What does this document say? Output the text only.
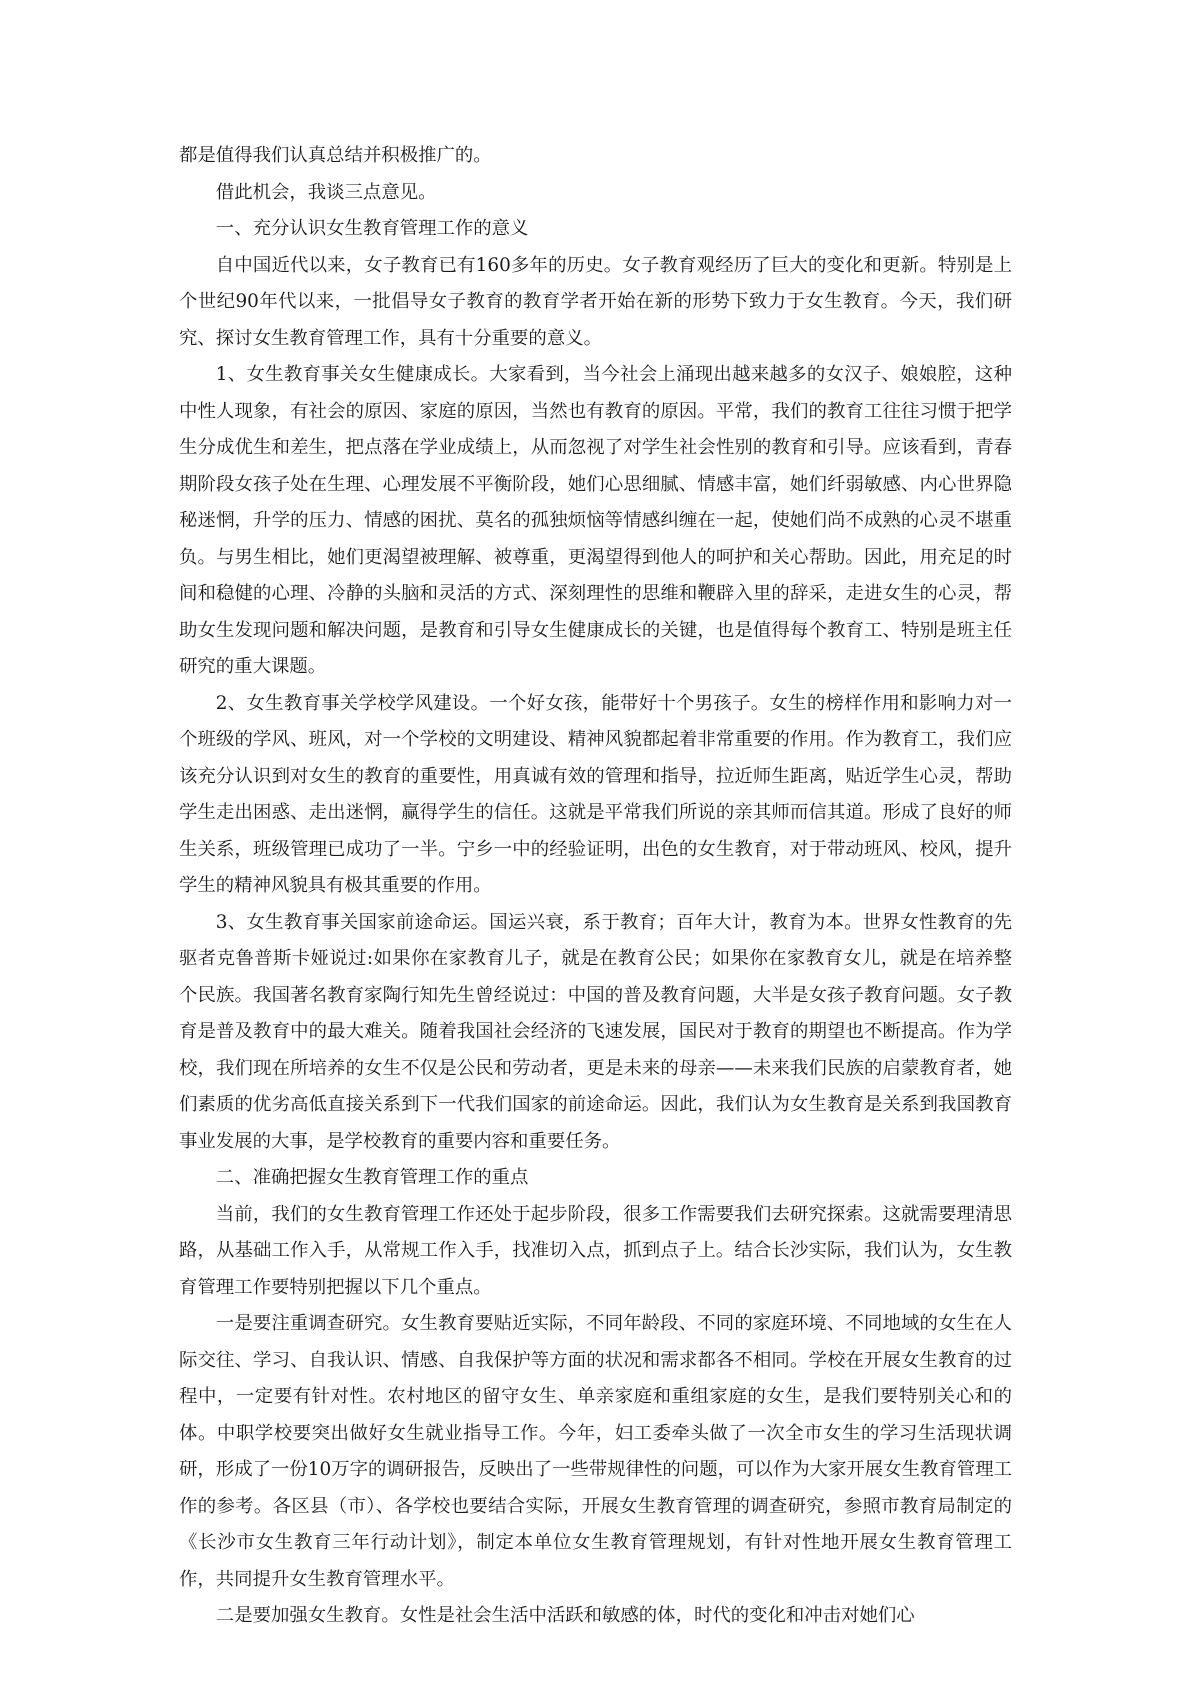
都是值得我们认真总结并积极推广的。

借此机会，我谈三点意见。

一、充分认识女生教育管理工作的意义

自中国近代以来，女子教育已有160多年的历史。女子教育观经历了巨大的变化和更新。特别是上个世纪90年代以来，一批倡导女子教育的教育学者开始在新的形势下致力于女生教育。今天，我们研究、探讨女生教育管理工作，具有十分重要的意义。

1、女生教育事关女生健康成长。大家看到，当今社会上涌现出越来越多的女汉子、娘娘腔，这种中性人现象，有社会的原因、家庭的原因，当然也有教育的原因。平常，我们的教育工往往习惯于把学生分成优生和差生，把点落在学业成绩上，从而忽视了对学生社会性别的教育和引导。应该看到，青春期阶段女孩子处在生理、心理发展不平衡阶段，她们心思细腻、情感丰富，她们纤弱敏感、内心世界隐秘迷惘，升学的压力、情感的困扰、莫名的孤独烦恼等情感纠缠在一起，使她们尚不成熟的心灵不堪重负。与男生相比，她们更渴望被理解、被尊重，更渴望得到他人的呵护和关心帮助。因此，用充足的时间和稳健的心理、冷静的头脑和灵活的方式、深刻理性的思维和鞭辟入里的辞采，走进女生的心灵，帮助女生发现问题和解决问题，是教育和引导女生健康成长的关键，也是值得每个教育工、特别是班主任研究的重大课题。

2、女生教育事关学校学风建设。一个好女孩，能带好十个男孩子。女生的榜样作用和影响力对一个班级的学风、班风，对一个学校的文明建设、精神风貌都起着非常重要的作用。作为教育工，我们应该充分认识到对女生的教育的重要性，用真诚有效的管理和指导，拉近师生距离，贴近学生心灵，帮助学生走出困惑、走出迷惘，赢得学生的信任。这就是平常我们所说的亲其师而信其道。形成了良好的师生关系，班级管理已成功了一半。宁乡一中的经验证明，出色的女生教育，对于带动班风、校风，提升学生的精神风貌具有极其重要的作用。

3、女生教育事关国家前途命运。国运兴衰，系于教育；百年大计，教育为本。世界女性教育的先驱者克鲁普斯卡娅说过:如果你在家教育儿子，就是在教育公民；如果你在家教育女儿，就是在培养整个民族。我国著名教育家陶行知先生曾经说过：中国的普及教育问题，大半是女孩子教育问题。女子教育是普及教育中的最大难关。随着我国社会经济的飞速发展，国民对于教育的期望也不断提高。作为学校，我们现在所培养的女生不仅是公民和劳动者，更是未来的母亲——未来我们民族的启蒙教育者，她们素质的优劣高低直接关系到下一代我们国家的前途命运。因此，我们认为女生教育是关系到我国教育事业发展的大事，是学校教育的重要内容和重要任务。

二、准确把握女生教育管理工作的重点

当前，我们的女生教育管理工作还处于起步阶段，很多工作需要我们去研究探索。这就需要理清思路，从基础工作入手，从常规工作入手，找准切入点，抓到点子上。结合长沙实际，我们认为，女生教育管理工作要特别把握以下几个重点。

一是要注重调查研究。女生教育要贴近实际，不同年龄段、不同的家庭环境、不同地域的女生在人际交往、学习、自我认识、情感、自我保护等方面的状况和需求都各不相同。学校在开展女生教育的过程中，一定要有针对性。农村地区的留守女生、单亲家庭和重组家庭的女生，是我们要特别关心和的体。中职学校要突出做好女生就业指导工作。今年，妇工委牵头做了一次全市女生的学习生活现状调研，形成了一份10万字的调研报告，反映出了一些带规律性的问题，可以作为大家开展女生教育管理工作的参考。各区县（市）、各学校也要结合实际，开展女生教育管理的调查研究，参照市教育局制定的《长沙市女生教育三年行动计划》，制定本单位女生教育管理规划，有针对性地开展女生教育管理工作，共同提升女生教育管理水平。

二是要加强女生教育。女性是社会生活中活跃和敏感的体，时代的变化和冲击对她们心
